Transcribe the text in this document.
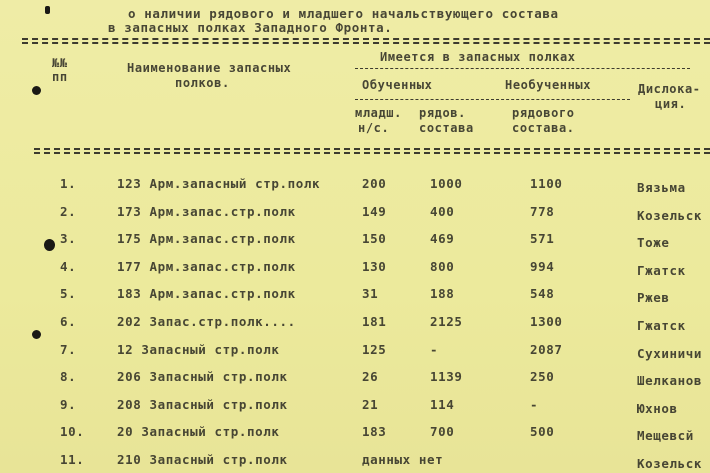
о наличии рядового и младшего начальствующего состава
в запасных полках Западного Фронта.
№№
пп
Наименование запасных
полков.
Имеется в запасных полках
Обученных	Необученных	Дислока-
ция.
младш.
н/с.
рядов.
состава
рядового
состава.
1.	123 Арм.запасный стр.полк	200	1000	1100	Вязьма
2.	173 Арм.запас.стр.полк	149	400	778	Козельск
3.	175 Арм.запас.стр.полк	150	469	571	Тоже
4.	177 Арм.запас.стр.полк	130	800	994	Гжатск
5.	183 Арм.запас.стр.полк	31	188	548	Ржев
6.	202 Запас.стр.полк....	181	2125	1300	Гжатск
7.	12 Запасный стр.полк	125	-	2087	Сухиничи
8.	206 Запасный стр.полк	26	1139	250	Шелканов
9.	208 Запасный стр.полк	21	114	-	Юхнов
10.	20 Запасный стр.полк	183	700	500	Мещевсй
11.	210 Запасный стр.полк	данных нет	Козельск
